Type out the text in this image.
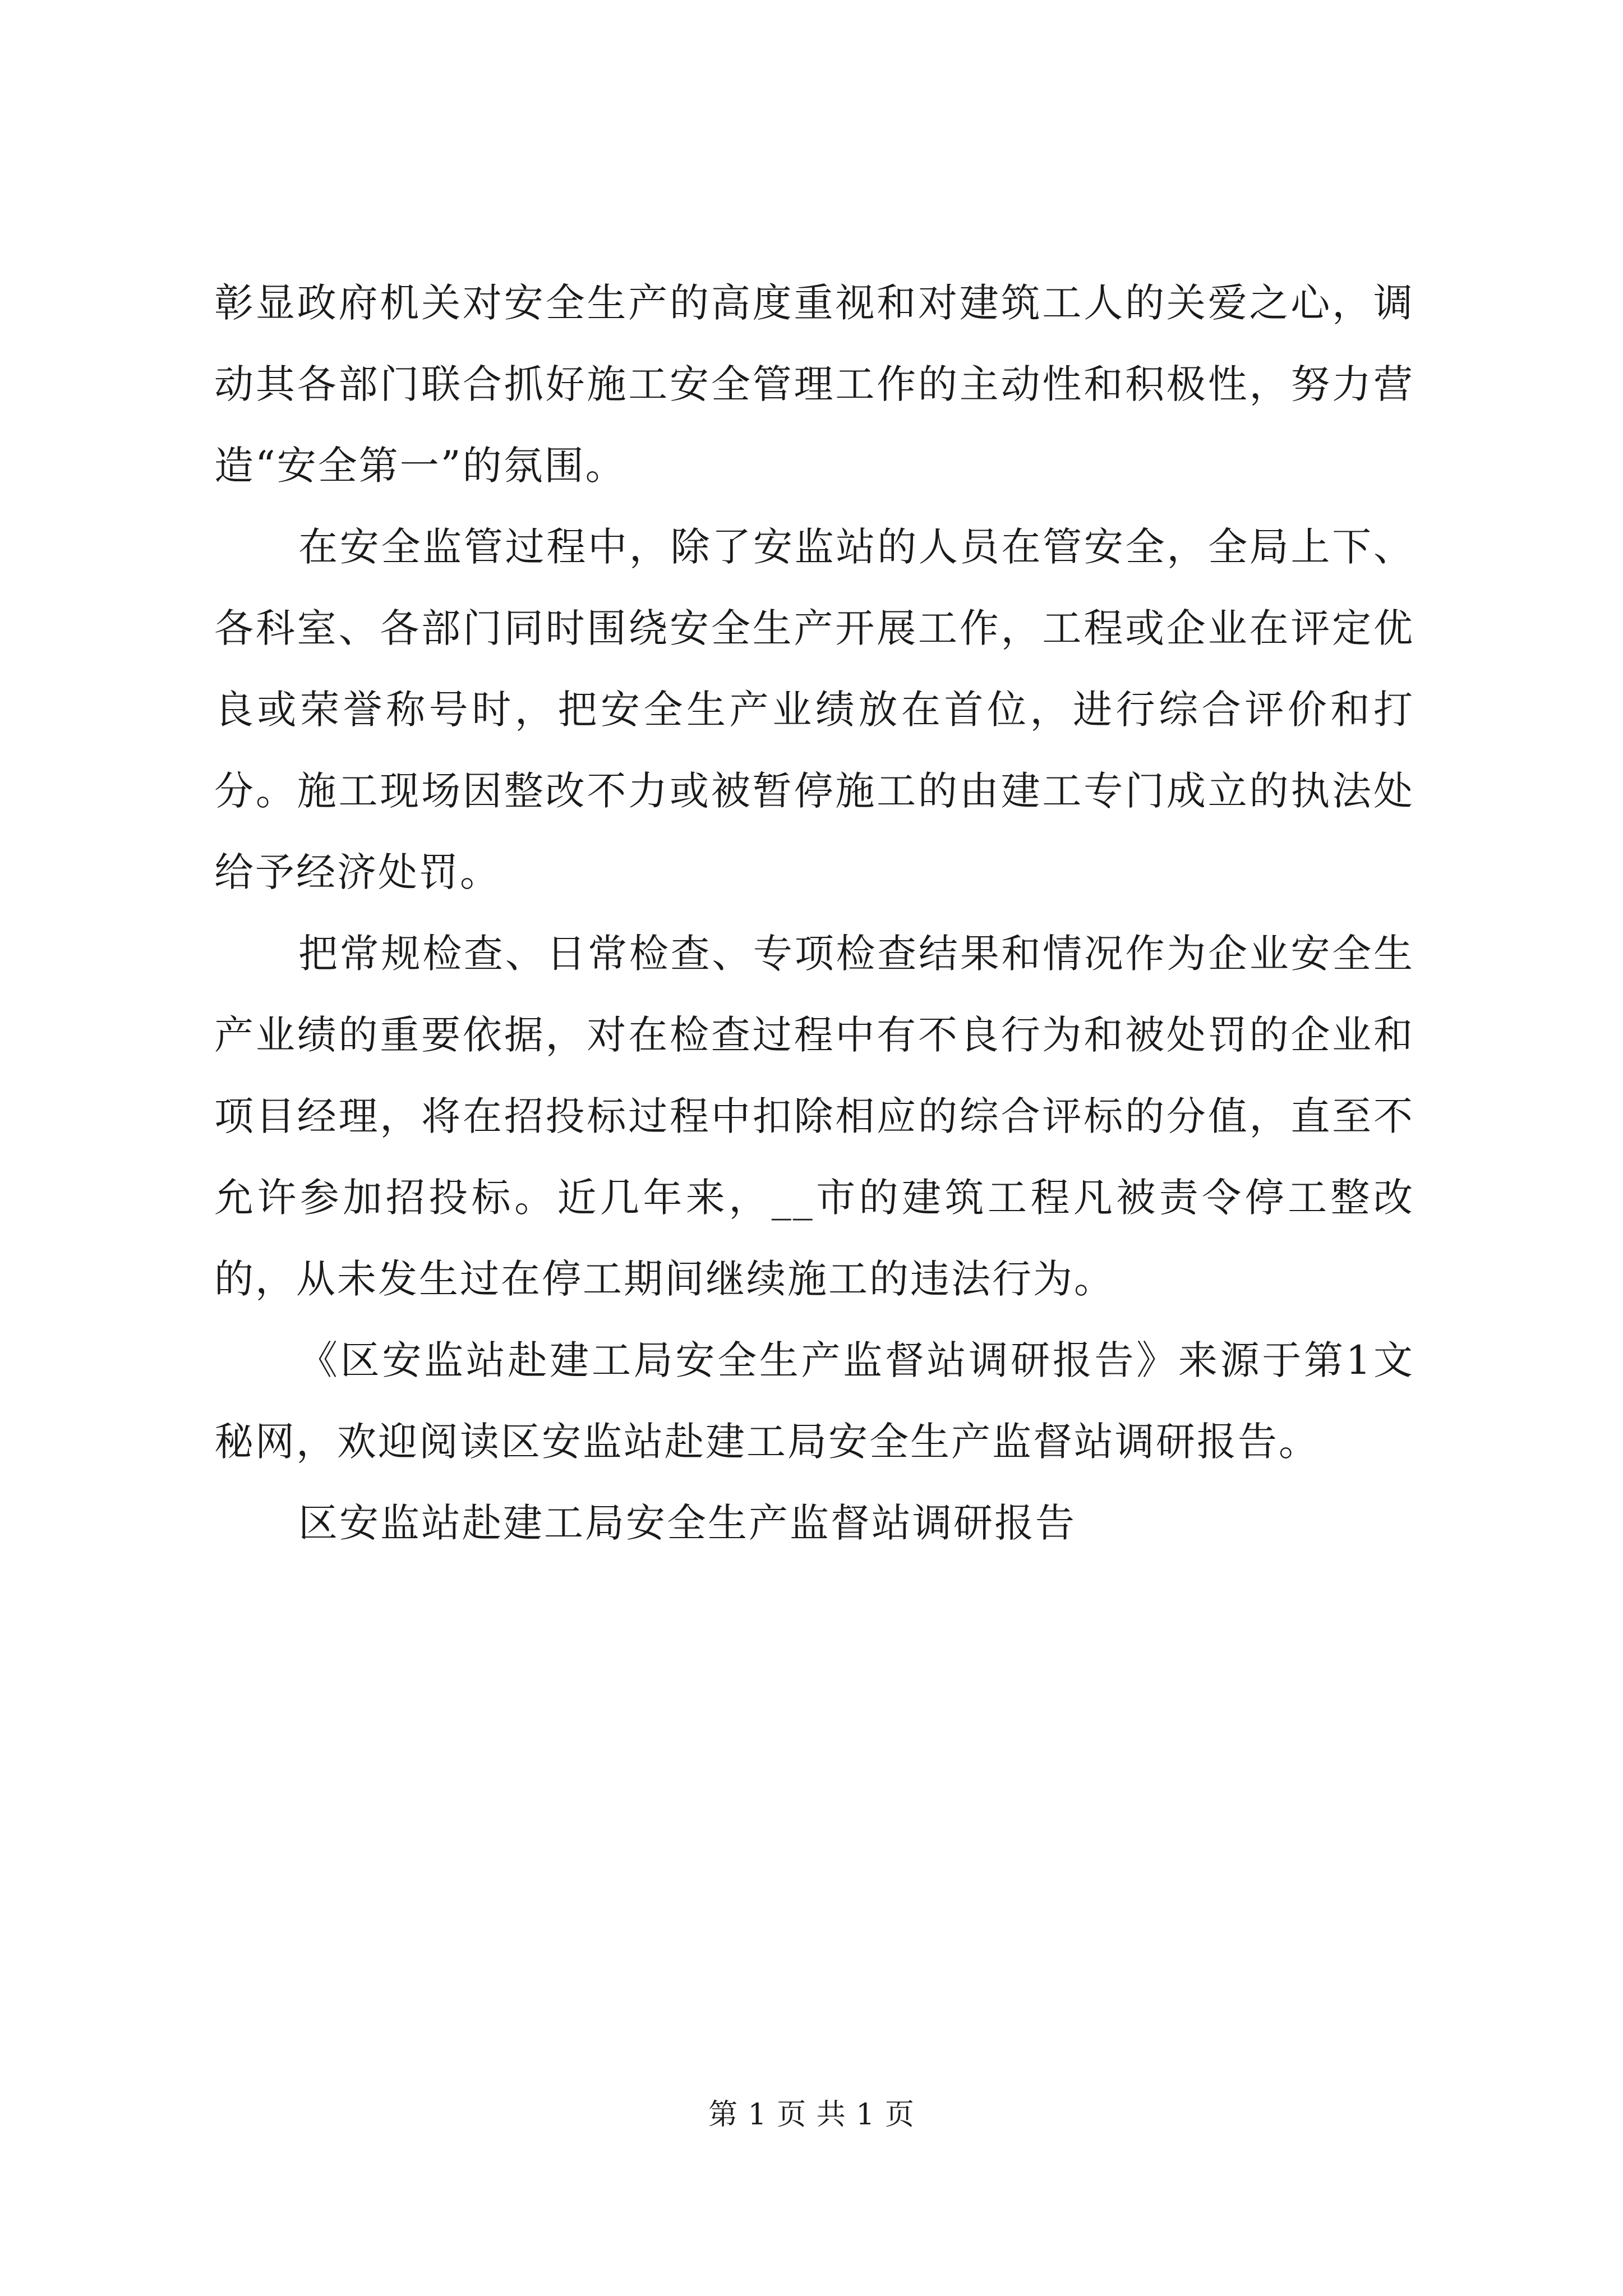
彰显政府机关对安全生产的高度重视和对建筑工人的关爱之心，调动其各部门联合抓好施工安全管理工作的主动性和积极性，努力营造“安全第一”的氛围。

在安全监管过程中，除了安监站的人员在管安全，全局上下、各科室、各部门同时围绕安全生产开展工作，工程或企业在评定优良或荣誉称号时，把安全生产业绩放在首位，进行综合评价和打分。施工现场因整改不力或被暂停施工的由建工专门成立的执法处给予经济处罚。

把常规检查、日常检查、专项检查结果和情况作为企业安全生产业绩的重要依据，对在检查过程中有不良行为和被处罚的企业和项目经理，将在招投标过程中扣除相应的综合评标的分值，直至不允许参加招投标。近几年来，__市的建筑工程凡被责令停工整改的，从未发生过在停工期间继续施工的违法行为。

《区安监站赴建工局安全生产监督站调研报告》来源于第1文秘网，欢迎阅读区安监站赴建工局安全生产监督站调研报告。

区安监站赴建工局安全生产监督站调研报告

第 1 页 共 1 页
